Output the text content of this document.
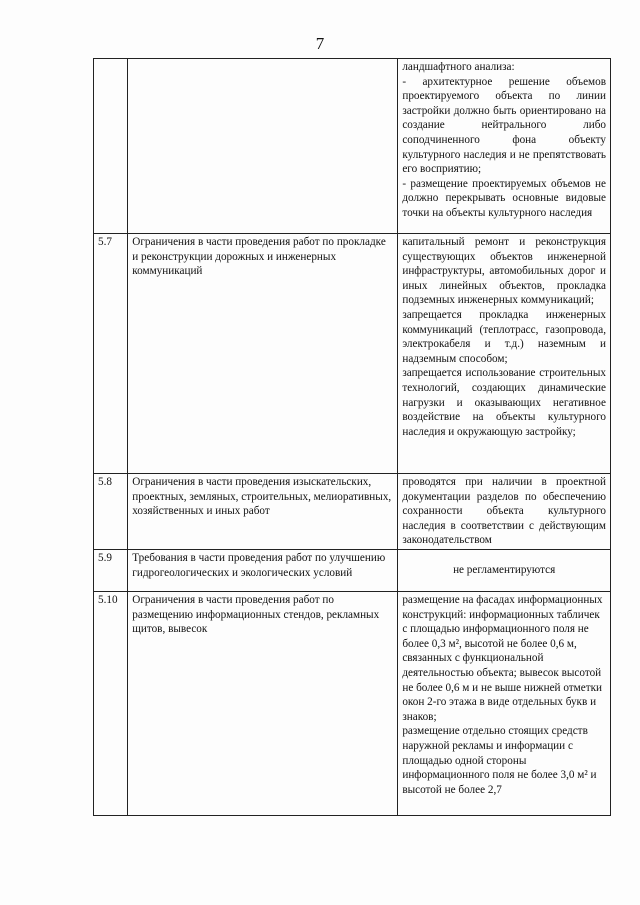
7

		ландшафтного анализа:
- архитектурное решение объемов проектируемого объекта по линии застройки должно быть ориентировано на создание нейтрального либо соподчиненного фона объекту культурного наследия и не препятствовать его восприятию;
- размещение проектируемых объемов не должно перекрывать основные видовые точки на объекты культурного наследия

5.7	Ограничения в части проведения работ по прокладке и реконструкции дорожных и инженерных коммуникаций	капитальный ремонт и реконструкция существующих объектов инженерной инфраструктуры, автомобильных дорог и иных линейных объектов, прокладка подземных инженерных коммуникаций;
запрещается прокладка инженерных коммуникаций (теплотрасс, газопровода, электрокабеля и т.д.) наземным и надземным способом;
запрещается использование строительных технологий, создающих динамические нагрузки и оказывающих негативное воздействие на объекты культурного наследия и окружающую застройку;

5.8	Ограничения в части проведения изыскательских, проектных, земляных, строительных, мелиоративных, хозяйственных и иных работ	проводятся при наличии в проектной документации разделов по обеспечению сохранности объекта культурного наследия в соответствии с действующим законодательством

5.9	Требования в части проведения работ по улучшению гидрогеологических и экологических условий	не регламентируются

5.10	Ограничения в части проведения работ по размещению информационных стендов, рекламных щитов, вывесок	размещение на фасадах информационных конструкций: информационных табличек с площадью информационного поля не более 0,3 м², высотой не более 0,6 м, связанных с функциональной деятельностью объекта; вывесок высотой не более 0,6 м и не выше нижней отметки окон 2-го этажа в виде отдельных букв и знаков;
размещение отдельно стоящих средств наружной рекламы и информации с площадью одной стороны информационного поля не более 3,0 м² и высотой не более 2,7
